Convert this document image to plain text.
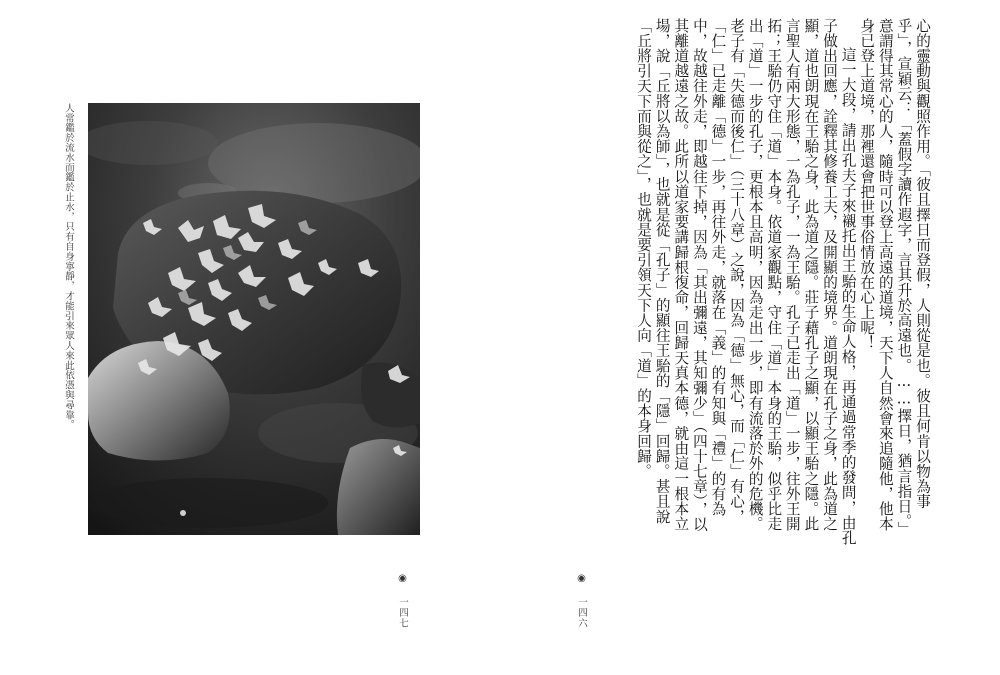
人常鑑於流水而鑑於止水，只有自身寧靜，才能引來眾人來此依憑與尋靠。
◉ 一四七

心的靈動與觀照作用。「彼且擇日而登假，人則從是也。彼且何肯以物為事乎」，宣穎云：「蓋假字讀作遐字，言其升於高遠也。……擇日，猶言指日。」意謂得其常心的人，隨時可以登上高遠的道境，天下人自然會來追隨他，他本身已登上道境，那裡還會把世事俗情放在心上呢！

這一大段，請出孔夫子來襯托出王駘的生命人格，再通過常季的發問，由孔子做出回應，詮釋其修養工夫，及開顯的境界。道朗現在孔子之身，此為道之顯，道也朗現在王駘之身，此為道之隱。莊子藉孔子之顯，以顯王駘之隱。此言聖人有兩大形態，一為孔子，一為王駘。孔子已走出「道」一步，往外王開拓；王駘仍守住「道」本身。依道家觀點，守住「道」本身的王駘，似乎比走出「道」一步的孔子，更根本且高明，因為走出一步，即有流落於外的危機。老子有「失德而後仁」（三十八章）之說，因為「德」無心，而「仁」有心，「仁」已走離「德」一步，再往外走，就落在「義」的有知與「禮」的有為中，故越往外走，即越往下掉，因為「其出彌遠，其知彌少」（四十七章），以其離道越遠之故。此所以道家要講歸根復命，回歸天真本德，就由這一根本立場，說「丘將以為師」，也就是從「孔子」的顯往王駘的「隱」回歸。甚且說「丘將引天下而與從之」，也就是要引領天下人向「道」的本身回歸。

◉ 一四六
